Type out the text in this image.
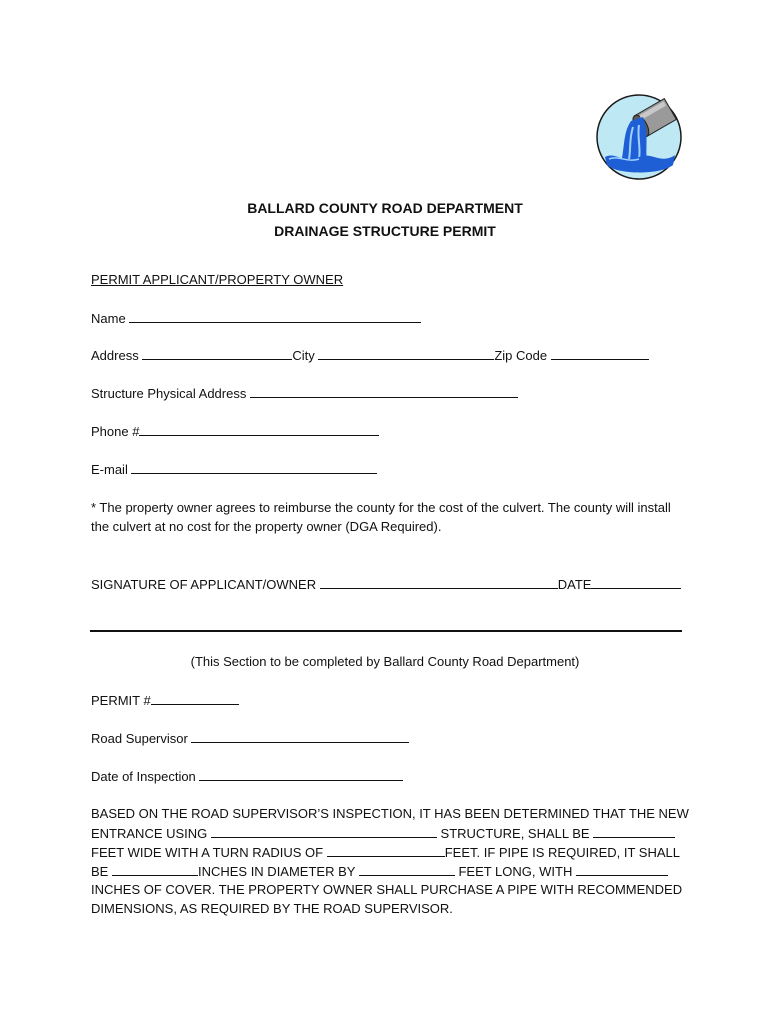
BALLARD COUNTY ROAD DEPARTMENT
DRAINAGE STRUCTURE PERMIT
PERMIT APPLICANT/PROPERTY OWNER
Name
Address	City	Zip Code
Structure Physical Address
Phone #
E-mail
* The property owner agrees to reimburse the county for the cost of the culvert. The county will install the culvert at no cost for the property owner (DGA Required).
SIGNATURE OF APPLICANT/OWNER	DATE
(This Section to be completed by Ballard County Road Department)
PERMIT #
Road Supervisor
Date of Inspection
BASED ON THE ROAD SUPERVISOR’S INSPECTION, IT HAS BEEN DETERMINED THAT THE NEW
ENTRANCE USING	STRUCTURE, SHALL BE
FEET WIDE WITH A TURN RADIUS OF	FEET. IF PIPE IS REQUIRED, IT SHALL
BE	INCHES IN DIAMETER BY	FEET LONG, WITH
INCHES OF COVER. THE PROPERTY OWNER SHALL PURCHASE A PIPE WITH RECOMMENDED
DIMENSIONS, AS REQUIRED BY THE ROAD SUPERVISOR.
